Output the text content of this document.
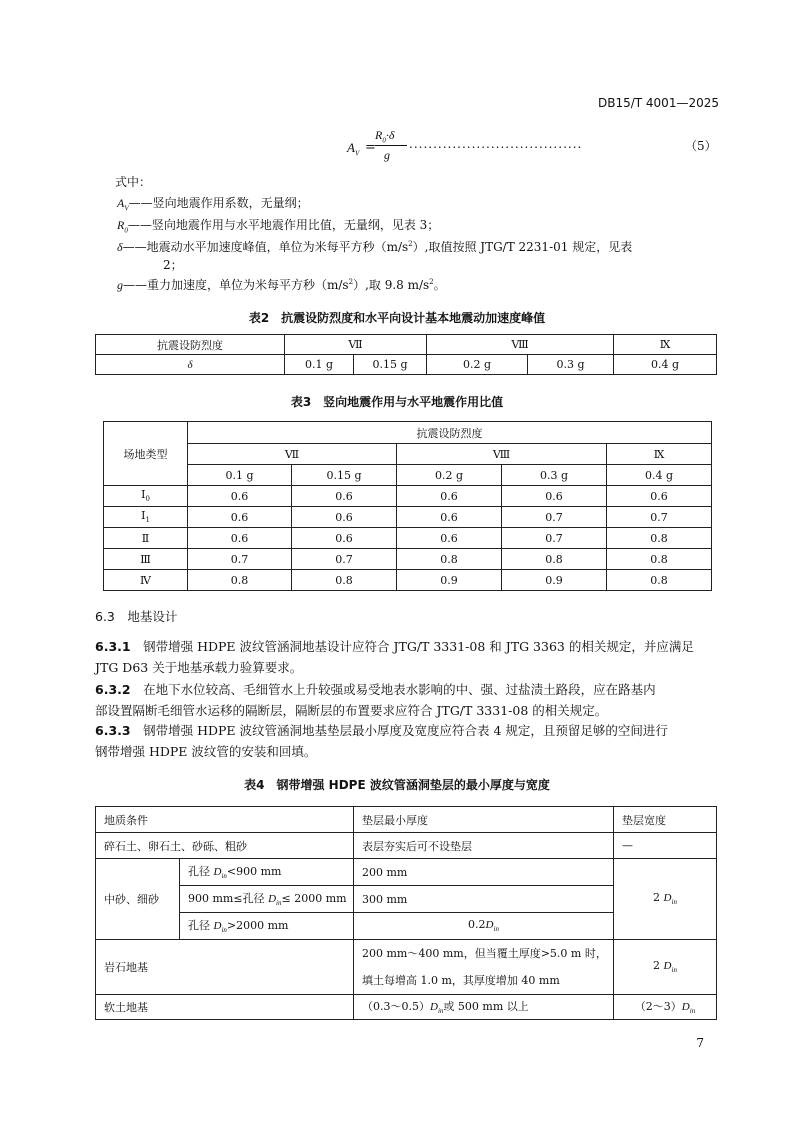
DB15/T 4001—2025
$A_V$ =
$R_0\cdot\delta$
g
....................................	（5）
式中：
$A_V——$竖向地震作用系数，无量纲；
$R_0——$竖向地震作用与水平地震作用比值，无量纲，见表 3；
δ——地震动水平加速度峰值，单位为米每平方秒$(m/s^2)$,取值按照 JTG/T 2231-01 规定，见表
2；
g——重力加速度，单位为米每平方秒$(m/s^2)$,取 9.8 $m/s^2$。
表2　抗震设防烈度和水平向设计基本地震动加速度峰值
抗震设防烈度	Ⅶ		Ⅷ		Ⅸ
δ	0.1 g	0.15 g	0.2 g	0.3 g	0.4 g
表3　竖向地震作用与水平地震作用比值
场地类型	抗震设防烈度				
	Ⅶ		Ⅷ		Ⅸ
	0.1 g	0.15 g	0.2 g	0.3 g	0.4 g
$Ⅰ_0$	0.6	0.6	0.6	0.6	0.6
$Ⅰ_1$	0.6	0.6	0.6	0.7	0.7
Ⅱ	0.6	0.6	0.6	0.7	0.8
Ⅲ	0.7	0.7	0.8	0.8	0.8
Ⅳ	0.8	0.8	0.9	0.9	0.8
6.3　地基设计
6.3.1　 钢带增强 HDPE 波纹管涵洞地基设计应符合 JTG/T 3331-08 和 JTG 3363 的相关规定，并应满足
JTG D63 关于地基承载力验算要求。
6.3.2　 在地下水位较高、毛细管水上升较强或易受地表水影响的中、强、过盐渍土路段，应在路基内
部设置隔断毛细管水运移的隔断层，隔断层的布置要求应符合 JTG/T 3331-08 的相关规定。
6.3.3　 钢带增强 HDPE 波纹管涵洞地基垫层最小厚度及宽度应符合表 4 规定，且预留足够的空间进行
钢带增强 HDPE 波纹管的安装和回填。
表4　钢带增强 HDPE 波纹管涵洞垫层的最小厚度与宽度
地质条件		垫层最小厚度	垫层宽度
碎石土、卵石土、砂砾、粗砂		表层夯实后可不设垫层	—
中砂、细砂	孔径 $D_{in}<900$ mm	200 mm	2 $D_{in}$
	900 mm≤孔径 $D_{in}\le 2000$ mm	300 mm	
	孔径 $D_{in}>2000$ mm	$0.2D_{in}$
岩石地基		200 mm～400 mm，但当覆土厚度>5.0 m 时，
填土每增高 1.0 m，其厚度增加 40 mm	2 $D_{in}$
软土地基		$(0.3\sim 0.5)D_{in}$或 500 mm 以上	$(2\sim 3)D_{in}$
7
